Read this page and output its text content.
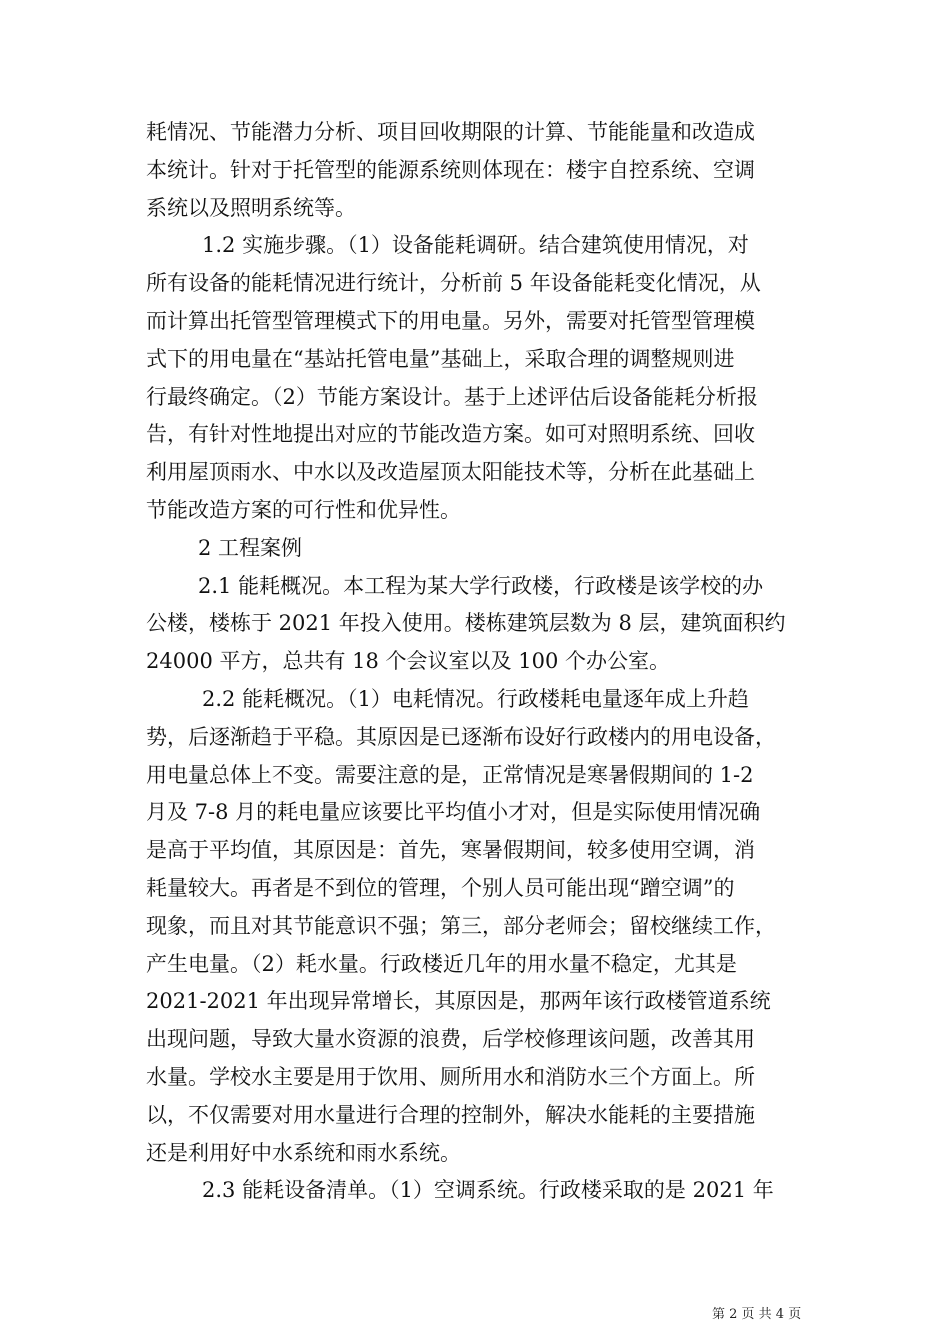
耗情况、节能潜力分析、项目回收期限的计算、节能能量和改造成
本统计。针对于托管型的能源系统则体现在：楼宇自控系统、空调
系统以及照明系统等。
1.2 实施步骤。（1）设备能耗调研。结合建筑使用情况，对
所有设备的能耗情况进行统计，分析前 5 年设备能耗变化情况，从
而计算出托管型管理模式下的用电量。另外，需要对托管型管理模
式下的用电量在“基站托管电量”基础上，采取合理的调整规则进
行最终确定。（2）节能方案设计。基于上述评估后设备能耗分析报
告，有针对性地提出对应的节能改造方案。如可对照明系统、回收
利用屋顶雨水、中水以及改造屋顶太阳能技术等，分析在此基础上
节能改造方案的可行性和优异性。
2 工程案例
2.1 能耗概况。本工程为某大学行政楼，行政楼是该学校的办
公楼，楼栋于 2021 年投入使用。楼栋建筑层数为 8 层，建筑面积约
24000 平方，总共有 18 个会议室以及 100 个办公室。
2.2 能耗概况。（1）电耗情况。行政楼耗电量逐年成上升趋
势，后逐渐趋于平稳。其原因是已逐渐布设好行政楼内的用电设备，
用电量总体上不变。需要注意的是，正常情况是寒暑假期间的 1-2
月及 7-8 月的耗电量应该要比平均值小才对，但是实际使用情况确
是高于平均值，其原因是：首先，寒暑假期间，较多使用空调，消
耗量较大。再者是不到位的管理，个别人员可能出现“蹭空调”的
现象，而且对其节能意识不强；第三，部分老师会；留校继续工作，
产生电量。（2）耗水量。行政楼近几年的用水量不稳定，尤其是
2021-2021 年出现异常增长，其原因是，那两年该行政楼管道系统
出现问题，导致大量水资源的浪费，后学校修理该问题，改善其用
水量。学校水主要是用于饮用、厕所用水和消防水三个方面上。所
以，不仅需要对用水量进行合理的控制外，解决水能耗的主要措施
还是利用好中水系统和雨水系统。
2.3 能耗设备清单。（1）空调系统。行政楼采取的是 2021 年
第 2 页 共 4 页
